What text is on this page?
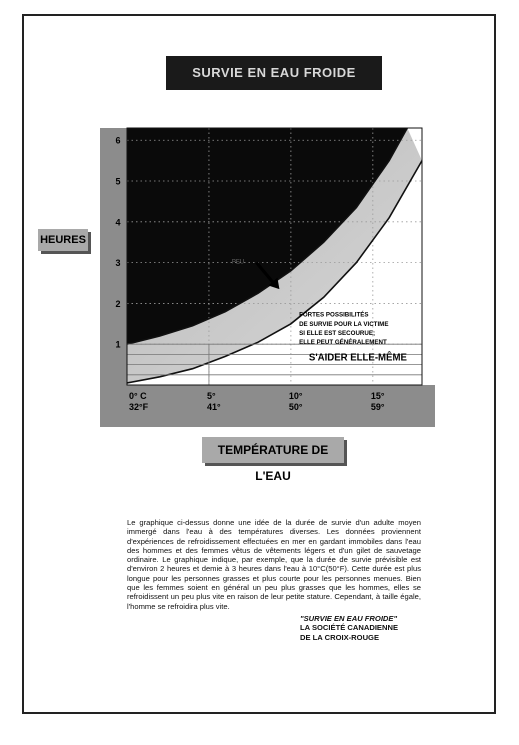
SURVIE EN EAU FROIDE
HEURES
1
2
3
4
5
6
0° C
32°F
5°
41°
10°
50°
15°
59°
FORTES POSSIBILITÉS
DE SURVIE POUR LA VICTIME
SI ELLE EST SECOURUE;
ELLE PEUT GÉNÉRALEMENT
S'AIDER ELLE-MÊME
PEU
TEMPÉRATURE DE L'EAU

Le graphique ci-dessus donne une idée de la durée de survie d'un adulte moyen immergé dans l'eau à des températures diverses. Les données proviennent d'expériences de refroidissement effectuées en mer en gardant immobiles dans l'eau des hommes et des femmes vêtus de vêtements légers et d'un gilet de sauvetage ordinaire. Le graphique indique, par exemple, que la durée de survie prévisible est d'environ 2 heures et demie à 3 heures dans l'eau à 10°C(50°F). Cette durée est plus longue pour les personnes grasses et plus courte pour les personnes menues. Bien que les femmes soient en général un peu plus grasses que les hommes, elles se refroidissent un peu plus vite en raison de leur petite stature. Cependant, à taille égale, l'homme se refroidira plus vite.

"SURVIE EN EAU FROIDE"
LA SOCIÉTÉ CANADIENNE
DE LA CROIX-ROUGE
